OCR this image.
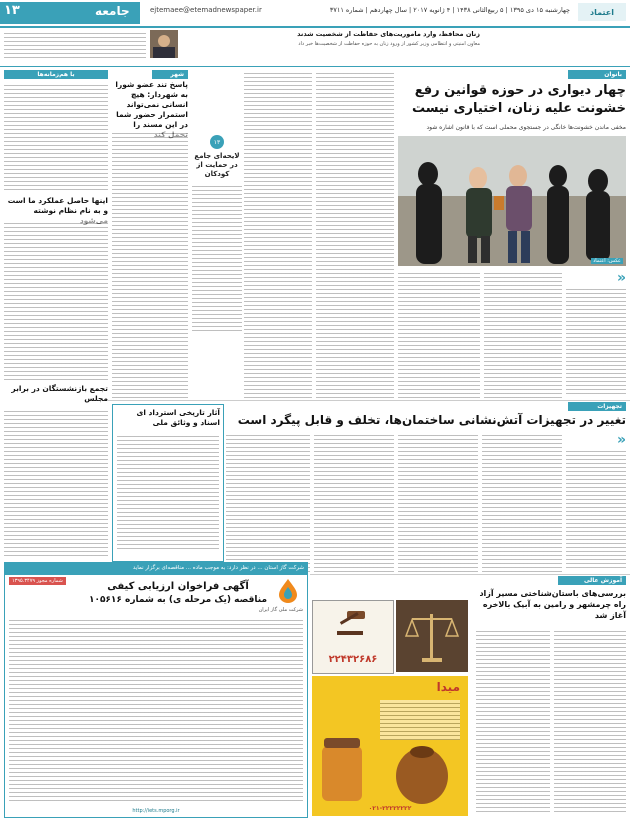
۱۳	جامعه	ejtemaee@etemadnewspaper.ir	چهارشنبه ۱۵ دی ۱۳۹۵ | ۵ ربیع‌الثانی ۱۴۳۸ | ۴ ژانویه ۲۰۱۷ | سال چهاردهم | شماره ۳۷۱۱	اعتماد
زنان محافظ، وارد ماموریت‌های حفاظت از شخصیت شدند
معاون امنیتی و انتظامی وزیر کشور از ورود زنان به حوزه حفاظت از شخصیت‌ها خبر داد
بانوان
چهار دیواری در حوزه قوانین رفع خشونت علیه زنان، اختیاری نیست
مخفی ماندن خشونت‌ها خانگی در جستجوی محملی است که با قانون اشاره شود
عکس: اعتماد
«
۱۳
لایحه‌ای جامع در حمایت از کودکان
شهر
پاسخ تند عضو شورا به شهردار: هیچ انسانی نمی‌تواند استمرار حضور شما در این مسند را
با هم‌زمانه‌ها
اینها حاصل عملکرد ما است و به نام نظام نوشته
تجمع بازنشستگان در برابر مجلس
تجهیزات
تغییر در تجهیزات آتش‌نشانی ساختمان‌ها، تخلف و قابل پیگرد است
«
آثار تاریخی استرداد ای اسناد و وثائق ملی
آموزش عالی
بررسی‌های باستان‌شناختی مسیر آزاد راه چرمشهر و رامین به آبیک بالاخره آغاز شد
شرکت گاز استان ... در نظر دارد: به موجب ماده ... مناقصه‌ای برگزار نماید
شماره مجوز ۱۳۹۵.۳۴۷۹	آگهی فراخوان ارزیابی کیفی
مناقصه (یک مرحله ی) به شماره ۱۰۵۶۱۶
شرکت ملی گاز ایران
http://iets.mporg.ir
۲۲۴۳۲۶۸۶
میدا
۰۲۱-۲۲۲۲۲۲۲۲
